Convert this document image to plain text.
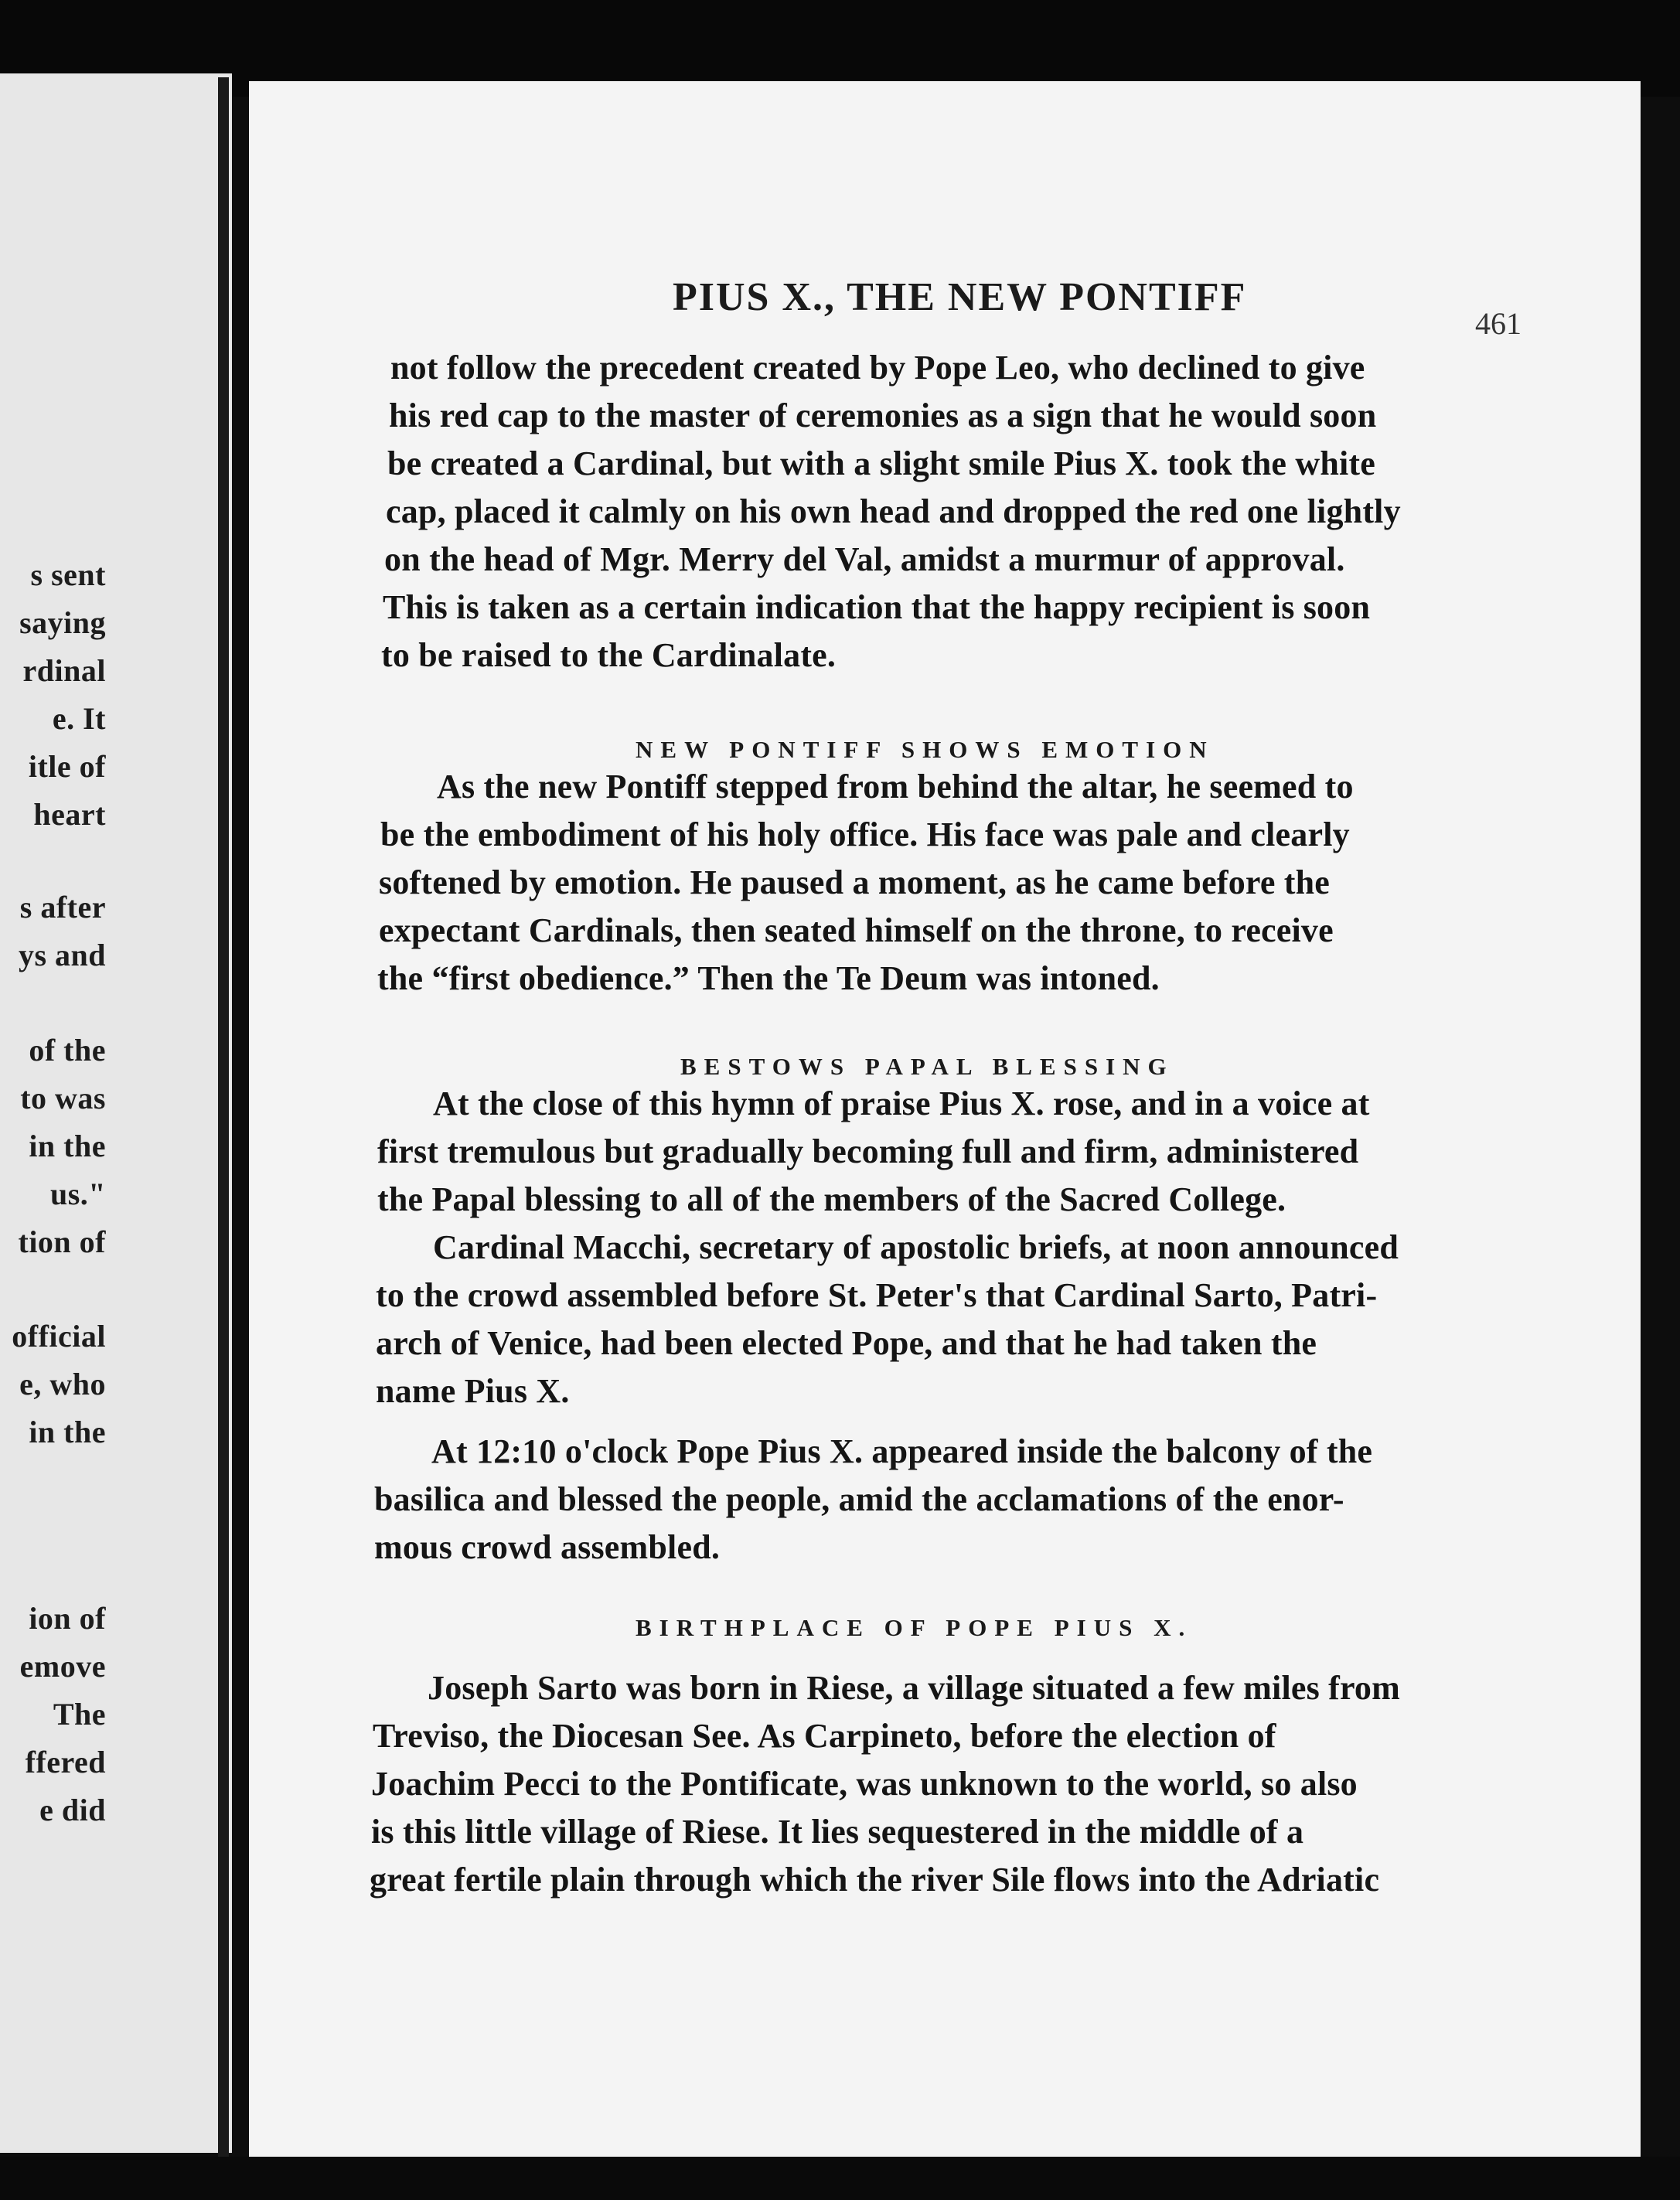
s sent
saying
rdinal
e. It
itle of
heart
s after
ys and
of the
to was
in the
us."
tion of
official
e, who
in the
ion of
emove
The
ffered
e did
PIUS X., THE NEW PONTIFF
461
not follow the precedent created by Pope Leo, who declined to give
his red cap to the master of ceremonies as a sign that he would soon
be created a Cardinal, but with a slight smile Pius X. took the white
cap, placed it calmly on his own head and dropped the red one lightly
on the head of Mgr. Merry del Val, amidst a murmur of approval.
This is taken as a certain indication that the happy recipient is soon
to be raised to the Cardinalate.
NEW PONTIFF SHOWS EMOTION
As the new Pontiff stepped from behind the altar, he seemed to
be the embodiment of his holy office. His face was pale and clearly
softened by emotion. He paused a moment, as he came before the
expectant Cardinals, then seated himself on the throne, to receive
the “first obedience.” Then the Te Deum was intoned.
BESTOWS PAPAL BLESSING
At the close of this hymn of praise Pius X. rose, and in a voice at
first tremulous but gradually becoming full and firm, administered
the Papal blessing to all of the members of the Sacred College.
Cardinal Macchi, secretary of apostolic briefs, at noon announced
to the crowd assembled before St. Peter's that Cardinal Sarto, Patri-
arch of Venice, had been elected Pope, and that he had taken the
name Pius X.
At 12:10 o'clock Pope Pius X. appeared inside the balcony of the
basilica and blessed the people, amid the acclamations of the enor-
mous crowd assembled.
BIRTHPLACE OF POPE PIUS X.
Joseph Sarto was born in Riese, a village situated a few miles from
Treviso, the Diocesan See. As Carpineto, before the election of
Joachim Pecci to the Pontificate, was unknown to the world, so also
is this little village of Riese. It lies sequestered in the middle of a
great fertile plain through which the river Sile flows into the Adriatic
